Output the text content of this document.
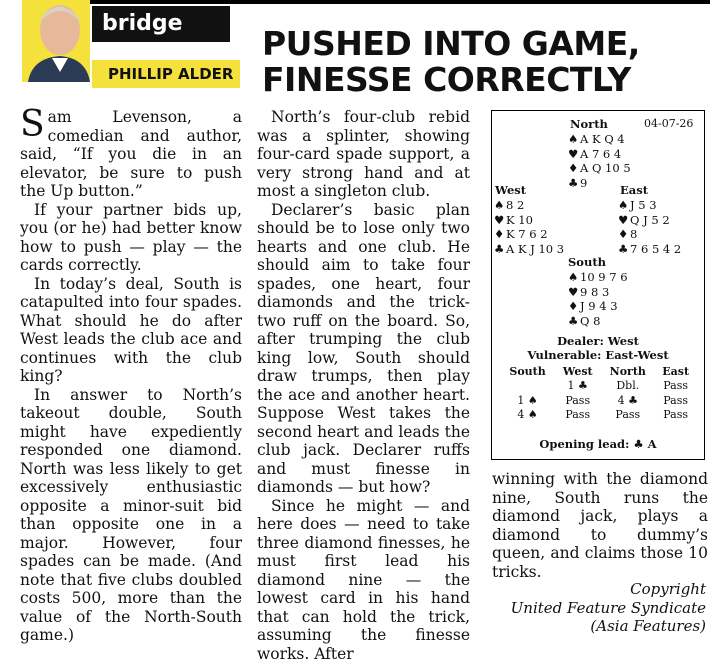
bridge
PHILLIP ALDER
PUSHED INTO GAME,
FINESSE CORRECTLY

Sam Levenson, a comedian and author, said, “If you die in an elevator, be sure to push the Up button.”

If your partner bids up, you (or he) had better know how to push — play — the cards correctly.

In today’s deal, South is catapulted into four spades. What should he do after West leads the club ace and continues with the club king?

In answer to North’s takeout double, South might have expediently responded one diamond. North was less likely to get excessively enthusiastic opposite a minor-suit bid than opposite one in a major. However, four spades can be made. (And note that five clubs doubled costs 500, more than the value of the North-South game.)

North’s four-club rebid was a splinter, showing four-card spade support, a very strong hand and at most a singleton club.

Declarer’s basic plan should be to lose only two hearts and one club. He should aim to take four spades, one heart, four diamonds and the trick-two ruff on the board. So, after trumping the club king low, South should draw trumps, then play the ace and another heart. Suppose West takes the second heart and leads the club jack. Declarer ruffs and must finesse in diamonds — but how?

Since he might — and here does — need to take three diamond finesses, he must first lead his diamond nine — the lowest card in his hand that can hold the trick, assuming the finesse works. After

North	04-07-26
♠ A K Q 4
♥ A 7 6 4
♦ A Q 10 5
♣ 9
West
♠ 8 2
♥ K 10
♦ K 7 6 2
♣ A K J 10 3
East
♠ J 5 3
♥ Q J 5 2
♦ 8
♣ 7 6 5 4 2
South
♠ 10 9 7 6
♥ 9 8 3
♦ J 9 4 3
♣ Q 8
Dealer: West
Vulnerable: East-West
South	West	North	East
	1 ♣	Dbl.	Pass
1 ♠	Pass	4 ♣	Pass
4 ♠	Pass	Pass	Pass
Opening lead: ♣ A

winning with the diamond nine, South runs the diamond jack, plays a diamond to dummy’s queen, and claims those 10 tricks.

Copyright
United Feature Syndicate
(Asia Features)
